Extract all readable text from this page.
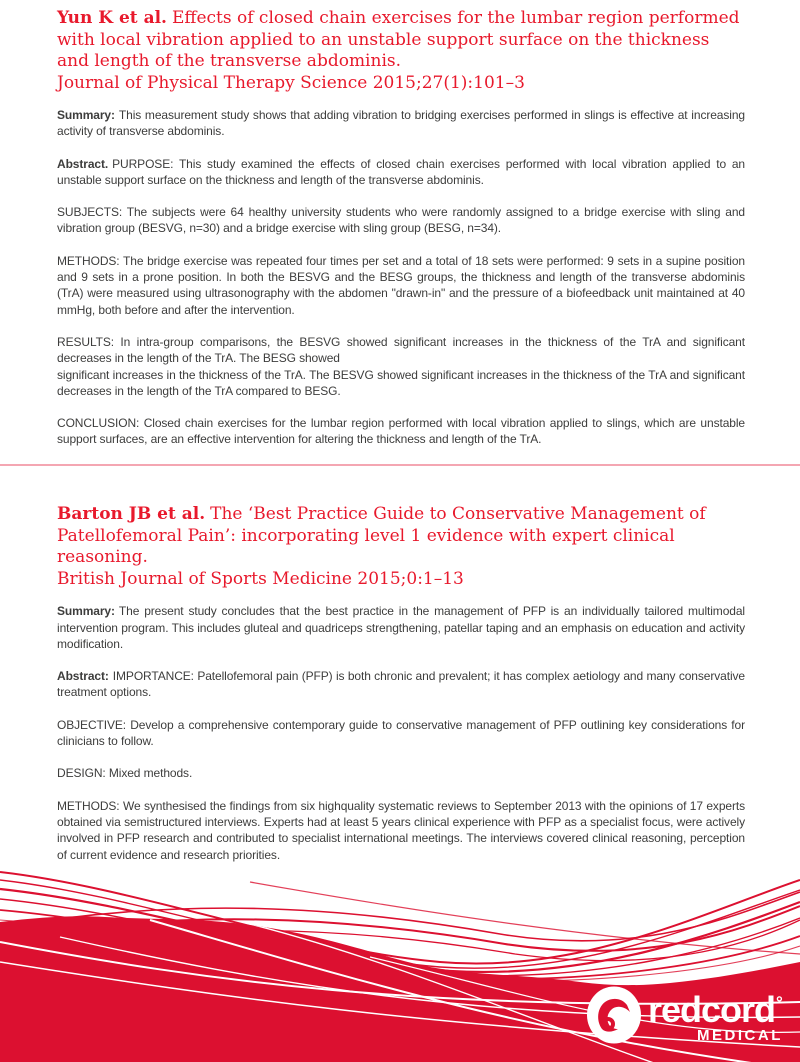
Yun K et al. Effects of closed chain exercises for the lumbar region performed with local vibration applied to an unstable support surface on the thickness and length of the transverse abdominis.
Journal of Physical Therapy Science 2015;27(1):101–3

Summary: This measurement study shows that adding vibration to bridging exercises performed in slings is effective at increasing activity of transverse abdominis.

Abstract. PURPOSE: This study examined the effects of closed chain exercises performed with local vibration applied to an unstable support surface on the thickness and length of the transverse abdominis.

SUBJECTS: The subjects were 64 healthy university students who were randomly assigned to a bridge exercise with sling and vibration group (BESVG, n=30) and a bridge exercise with sling group (BESG, n=34).

METHODS: The bridge exercise was repeated four times per set and a total of 18 sets were performed: 9 sets in a supine position and 9 sets in a prone position. In both the BESVG and the BESG groups, the thickness and length of the transverse abdominis (TrA) were measured using ultrasonography with the abdomen "drawn-in" and the pressure of a biofeedback unit maintained at 40 mmHg, both before and after the intervention.

RESULTS: In intra-group comparisons, the BESVG showed significant increases in the thickness of the TrA and significant decreases in the length of the TrA. The BESG showed
significant increases in the thickness of the TrA. The BESVG showed significant increases in the thickness of the TrA and significant decreases in the length of the TrA compared to BESG.

CONCLUSION: Closed chain exercises for the lumbar region performed with local vibration applied to slings, which are unstable support surfaces, are an effective intervention for altering the thickness and length of the TrA.

Barton JB et al. The ‘Best Practice Guide to Conservative Management of Patellofemoral Pain’: incorporating level 1 evidence with expert clinical reasoning.
British Journal of Sports Medicine 2015;0:1–13

Summary: The present study concludes that the best practice in the management of PFP is an individually tailored multimodal intervention program. This includes gluteal and quadriceps strengthening, patellar taping and an emphasis on education and activity modification.

Abstract: IMPORTANCE: Patellofemoral pain (PFP) is both chronic and prevalent; it has complex aetiology and many conservative treatment options.

OBJECTIVE: Develop a comprehensive contemporary guide to conservative management of PFP outlining key considerations for clinicians to follow.

DESIGN: Mixed methods.

METHODS: We synthesised the findings from six highquality systematic reviews to September 2013 with the opinions of 17 experts obtained via semistructured interviews. Experts had at least 5 years clinical experience with PFP as a specialist focus, were actively involved in PFP research and contributed to specialist international meetings. The interviews covered clinical reasoning, perception of current evidence and research priorities.

redcord°
MEDICAL
